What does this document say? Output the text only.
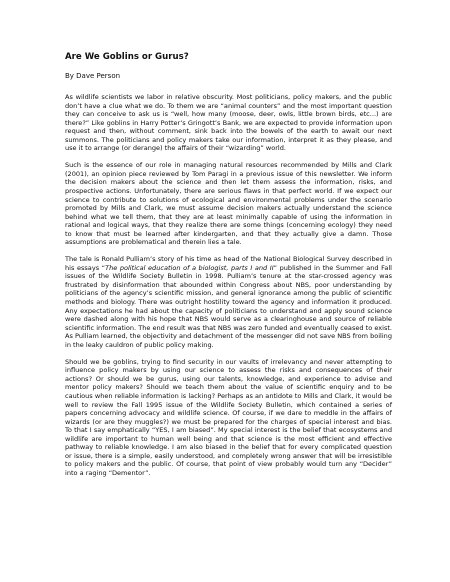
Are We Goblins or Gurus?
By Dave Person

As wildlife scientists we labor in relative obscurity. Most politicians, policy makers, and the public don’t have a clue what we do. To them we are “animal counters” and the most important question they can conceive to ask us is “well, how many (moose, deer, owls, little brown birds, etc...) are there?” Like goblins in Harry Potter’s Gringott’s Bank, we are expected to provide information upon request and then, without comment, sink back into the bowels of the earth to await our next summons. The politicians and policy makers take our information, interpret it as they please, and use it to arrange (or derange) the affairs of their “wizarding” world.

Such is the essence of our role in managing natural resources recommended by Mills and Clark (2001), an opinion piece reviewed by Tom Paragi in a previous issue of this newsletter. We inform the decision makers about the science and then let them assess the information, risks, and prospective actions. Unfortunately, there are serious flaws in that perfect world. If we expect our science to contribute to solutions of ecological and environmental problems under the scenario promoted by Mills and Clark, we must assume decision makers actually understand the science behind what we tell them, that they are at least minimally capable of using the information in rational and logical ways, that they realize there are some things (concerning ecology) they need to know that must be learned after kindergarten, and that they actually give a damn. Those assumptions are problematical and therein lies a tale.

The tale is Ronald Pulliam’s story of his time as head of the National Biological Survey described in his essays “The political education of a biologist, parts I and II” published in the Summer and Fall issues of the Wildlife Society Bulletin in 1998. Pulliam’s tenure at the star-crossed agency was frustrated by disinformation that abounded within Congress about NBS, poor understanding by politicians of the agency’s scientific mission, and general ignorance among the public of scientific methods and biology. There was outright hostility toward the agency and information it produced. Any expectations he had about the capacity of politicians to understand and apply sound science were dashed along with his hope that NBS would serve as a clearinghouse and source of reliable scientific information. The end result was that NBS was zero funded and eventually ceased to exist. As Pulliam learned, the objectivity and detachment of the messenger did not save NBS from boiling in the leaky cauldron of public policy making.

Should we be goblins, trying to find security in our vaults of irrelevancy and never attempting to influence policy makers by using our science to assess the risks and consequences of their actions? Or should we be gurus, using our talents, knowledge, and experience to advise and mentor policy makers? Should we teach them about the value of scientific enquiry and to be cautious when reliable information is lacking? Perhaps as an antidote to Mills and Clark, it would be well to review the Fall 1995 issue of the Wildlife Society Bulletin, which contained a series of papers concerning advocacy and wildlife science. Of course, if we dare to meddle in the affairs of wizards (or are they muggles?) we must be prepared for the charges of special interest and bias. To that I say emphatically “YES, I am biased”. My special interest is the belief that ecosystems and wildlife are important to human well being and that science is the most efficient and effective pathway to reliable knowledge. I am also biased in the belief that for every complicated question or issue, there is a simple, easily understood, and completely wrong answer that will be irresistible to policy makers and the public. Of course, that point of view probably would turn any “Decider” into a raging “Dementor”.
